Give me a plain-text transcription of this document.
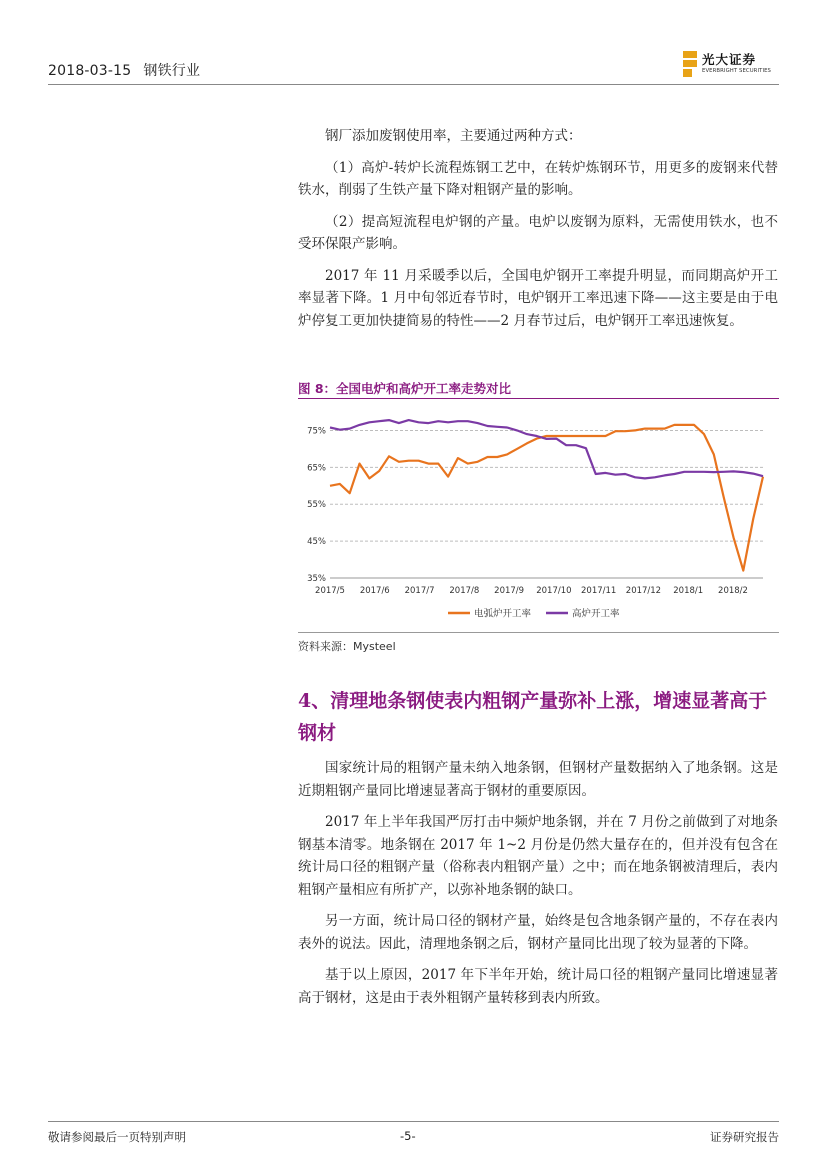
2018-03-15 钢铁行业
光大证券
EVERBRIGHT SECURITIES

钢厂添加废钢使用率，主要通过两种方式：

（1）高炉-转炉长流程炼钢工艺中，在转炉炼钢环节，用更多的废钢来代替铁水，削弱了生铁产量下降对粗钢产量的影响。

（2）提高短流程电炉钢的产量。电炉以废钢为原料，无需使用铁水，也不受环保限产影响。

2017 年 11 月采暖季以后，全国电炉钢开工率提升明显，而同期高炉开工率显著下降。1 月中旬邻近春节时，电炉钢开工率迅速下降——这主要是由于电炉停复工更加快捷简易的特性——2 月春节过后，电炉钢开工率迅速恢复。

图 8：全国电炉和高炉开工率走势对比
35%
45%
55%
65%
75%
2017/5 2017/6 2017/7 2017/8 2017/9 2017/10 2017/11 2017/12 2018/1 2018/2
电弧炉开工率	高炉开工率
资料来源：Mysteel
4、清理地条钢使表内粗钢产量弥补上涨，增速显著高于钢材

国家统计局的粗钢产量未纳入地条钢，但钢材产量数据纳入了地条钢。这是近期粗钢产量同比增速显著高于钢材的重要原因。

2017 年上半年我国严厉打击中频炉地条钢，并在 7 月份之前做到了对地条钢基本清零。地条钢在 2017 年 1~2 月份是仍然大量存在的，但并没有包含在统计局口径的粗钢产量（俗称表内粗钢产量）之中；而在地条钢被清理后，表内粗钢产量相应有所扩产，以弥补地条钢的缺口。

另一方面，统计局口径的钢材产量，始终是包含地条钢产量的，不存在表内表外的说法。因此，清理地条钢之后，钢材产量同比出现了较为显著的下降。

基于以上原因，2017 年下半年开始，统计局口径的粗钢产量同比增速显著高于钢材，这是由于表外粗钢产量转移到表内所致。

敬请参阅最后一页特别声明	-5-	证券研究报告
